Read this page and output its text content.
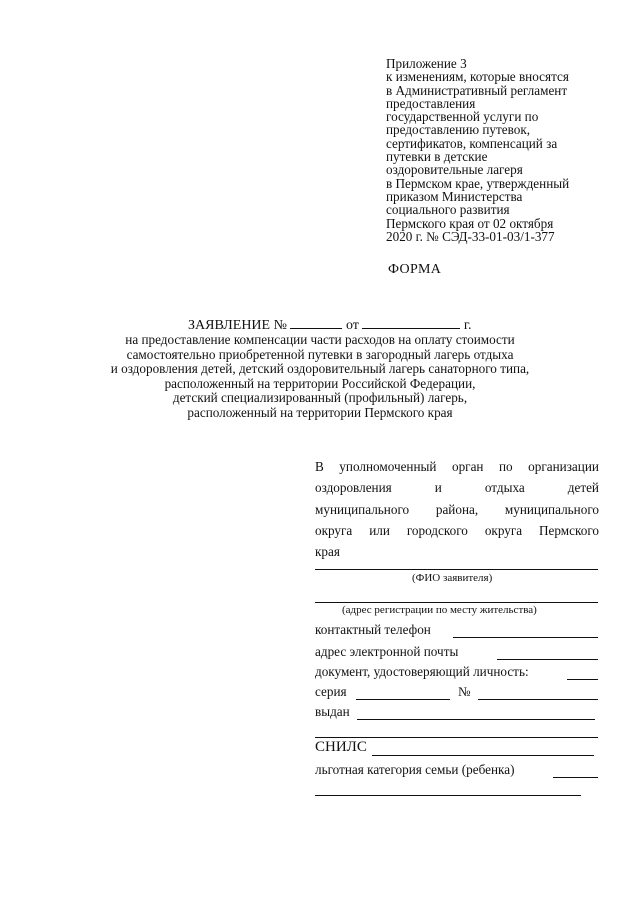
Приложение 3
к изменениям, которые вносятся
в Административный регламент
предоставления
государственной услуги по
предоставлению путевок,
сертификатов, компенсаций за
путевки в детские
оздоровительные лагеря
в Пермском крае, утвержденный
приказом Министерства
социального развития
Пермского края от 02 октября
2020 г. № СЭД-33-01-03/1-377
ФОРМА
ЗАЯВЛЕНИЕ №	от	г.
на предоставление компенсации части расходов на оплату стоимости
самостоятельно приобретенной путевки в загородный лагерь отдыха
и оздоровления детей, детский оздоровительный лагерь санаторного типа,
расположенный на территории Российской Федерации,
детский специализированный (профильный) лагерь,
расположенный на территории Пермского края
В уполномоченный орган по организации
оздоровления	и	отдыха	детей
муниципального района, муниципального
округа или городского округа Пермского
края
(ФИО заявителя)
(адрес регистрации по месту жительства)
контактный телефон
адрес электронной почты
документ, удостоверяющий личность:
серия	№
выдан
СНИЛС
льготная категория семьи (ребенка)
